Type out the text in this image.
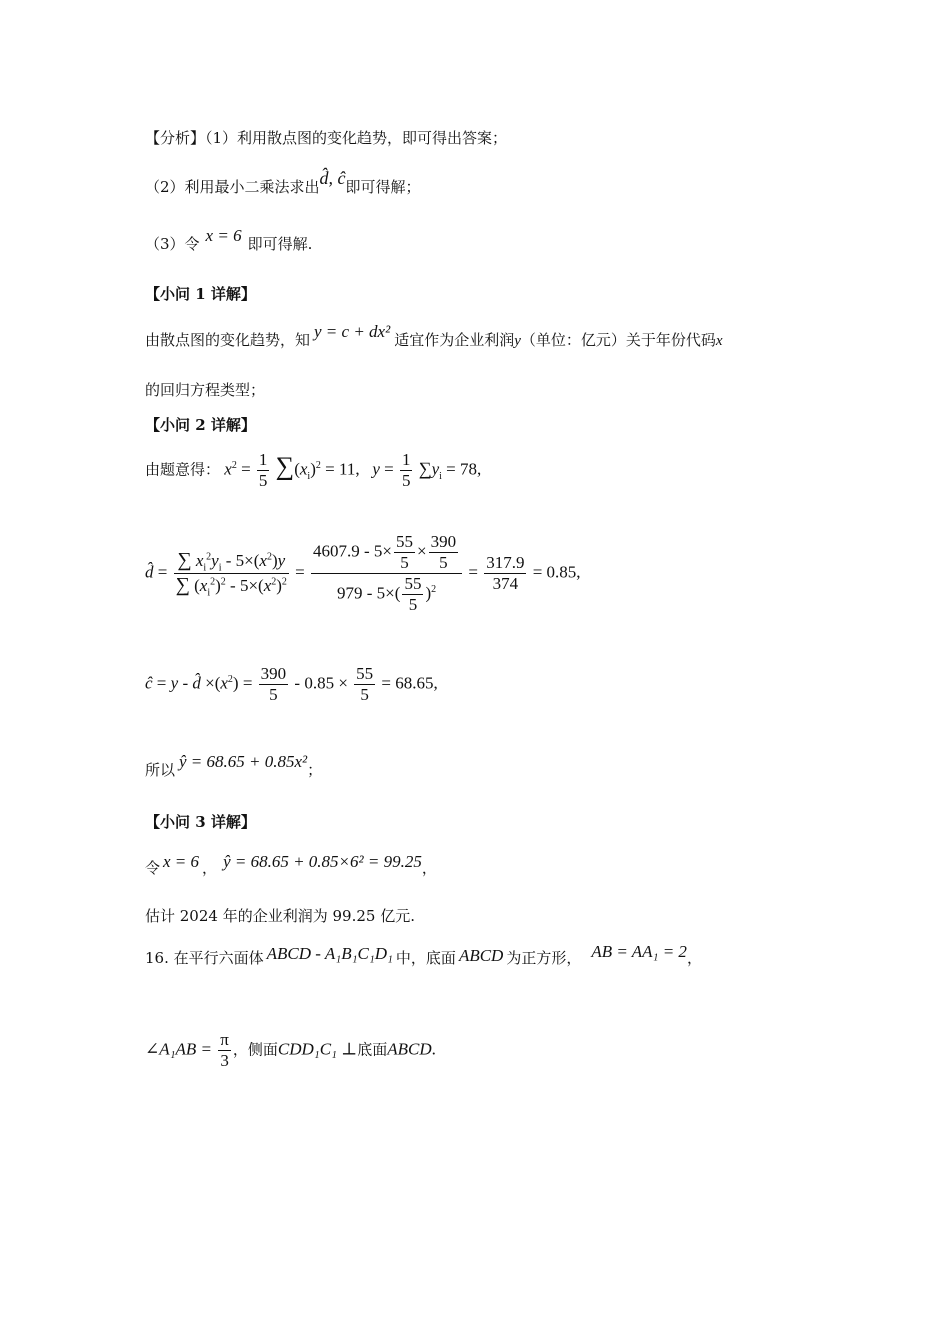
【分析】（1）利用散点图的变化趋势，即可得出答案；
（2）利用最小二乘法求出d̂, ĉ即可得解；
（3）令 x = 6 即可得解.
【小问 1 详解】
由散点图的变化趋势，知 y = c + dx² 适宜作为企业利润y（单位：亿元）关于年份代码x
的回归方程类型；
【小问 2 详解】
由题意得： $x^2 = \frac{1}{5} \sum(x_i)^2 = 11$,   $y = \frac{1}{5} \sum y_i = 78$,
d̂ = $\frac{\sum x_i^2y_i - 5\times(x^2)y}{\sum (x_i^2)^2 - 5\times(x^2)^2} = \frac{4607.9 - 5\times \frac{55}{5} \times \frac{390}{5}}{979 - 5\times( \frac{55}{5} )^2} = \frac{317.9}{374} = 0.85$,
ĉ = y - d̂ $\times(x^2) = \frac{390}{5} - 0.85 \times \frac{55}{5} = 68.65$,
所以 ŷ = 68.65 + 0.85x²；
【小问 3 详解】
令 x = 6 ， ŷ = 68.65 + 0.85×6² = 99.25，
估计 2024 年的企业利润为 99.25 亿元.
16. 在平行六面体 ABCD - A₁B₁C₁D₁ 中，底面 ABCD 为正方形， AB = AA₁ = 2，
∠A₁AB = $\frac{\pi}{3}$ ，侧面CDD₁C₁ ⊥底面ABCD.
